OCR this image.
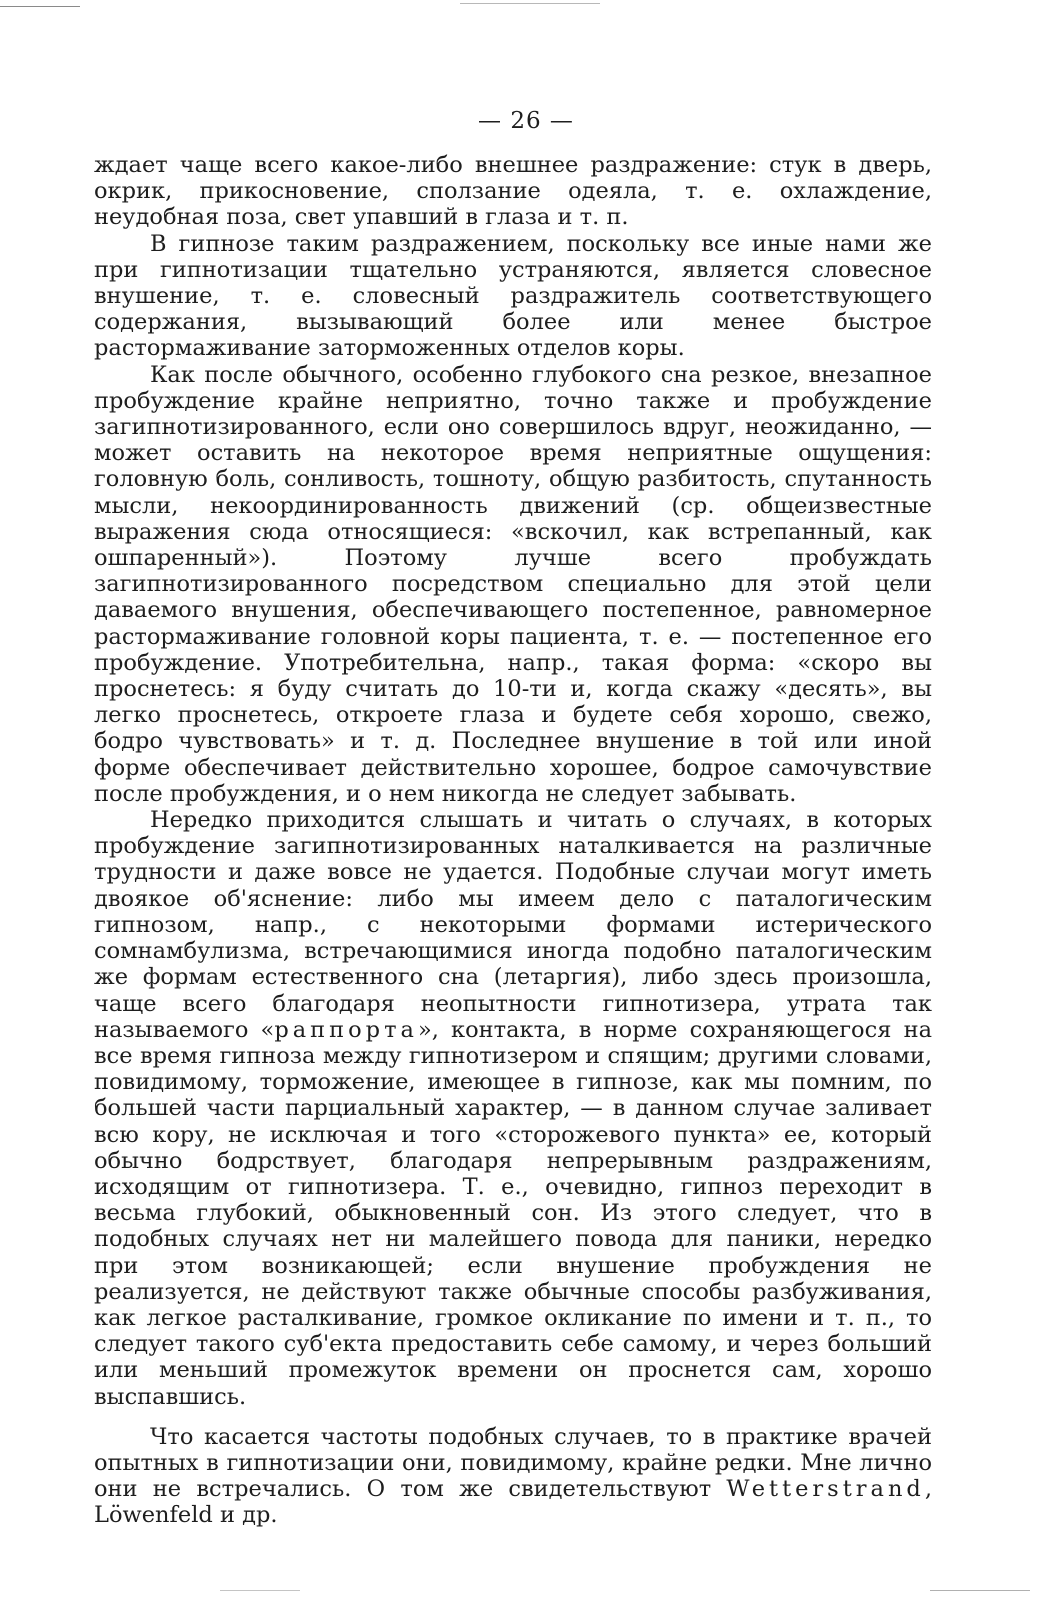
— 26 —

ждает чаще всего какое-либо внешнее раздражение: стук в дверь, окрик, прикосновение, сползание одеяла, т. е. охлаждение, неудобная поза, свет упавший в глаза и т. п.

В гипнозе таким раздражением, поскольку все иные нами же при гипнотизации тщательно устраняются, является словесное внушение, т. е. словесный раздражитель соответствующего содержания, вызывающий более или менее быстрое растормаживание заторможенных отделов коры.

Как после обычного, особенно глубокого сна резкое, внезапное пробуждение крайне неприятно, точно также и пробуждение загипнотизированного, если оно совершилось вдруг, неожиданно, — может оставить на некоторое время неприятные ощущения: головную боль, сонливость, тошноту, общую разбитость, спутанность мысли, некоординированность движений (ср. общеизвестные выражения сюда относящиеся: «вскочил, как встрепанный, как ошпаренный»). Поэтому лучше всего пробуждать загипнотизированного посредством специально для этой цели даваемого внушения, обеспечивающего постепенное, равномерное растормаживание головной коры пациента, т. е. — постепенное его пробуждение. Употребительна, напр., такая форма: «скоро вы проснетесь: я буду считать до 10-ти и, когда скажу «десять», вы легко проснетесь, откроете глаза и будете себя хорошо, свежо, бодро чувствовать» и т. д. Последнее внушение в той или иной форме обеспечивает действительно хорошее, бодрое самочувствие после пробуждения, и о нем никогда не следует забывать.

Нередко приходится слышать и читать о случаях, в которых пробуждение загипнотизированных наталкивается на различные трудности и даже вовсе не удается. Подобные случаи могут иметь двоякое об'яснение: либо мы имеем дело с паталогическим гипнозом, напр., с некоторыми формами истерического сомнамбулизма, встречающимися иногда подобно паталогическим же формам естественного сна (летаргия), либо здесь произошла, чаще всего благодаря неопытности гипнотизера, утрата так называемого «раппорта», контакта, в норме сохраняющегося на все время гипноза между гипнотизером и спящим; другими словами, повидимому, торможение, имеющее в гипнозе, как мы помним, по большей части парциальный характер, — в данном случае заливает всю кору, не исключая и того «сторожевого пункта» ее, который обычно бодрствует, благодаря непрерывным раздражениям, исходящим от гипнотизера. Т. е., очевидно, гипноз переходит в весьма глубокий, обыкновенный сон. Из этого следует, что в подобных случаях нет ни малейшего повода для паники, нередко при этом возникающей; если внушение пробуждения не реализуется, не действуют также обычные способы разбуживания, как легкое расталкивание, громкое окликание по имени и т. п., то следует такого суб'екта предоставить себе самому, и через больший или меньший промежуток времени он проснется сам, хорошо выспавшись.

Что касается частоты подобных случаев, то в практике врачей опытных в гипнотизации они, повидимому, крайне редки. Мне лично они не встречались. О том же свидетельствуют Wetterstrand, Löwenfeld и др.
